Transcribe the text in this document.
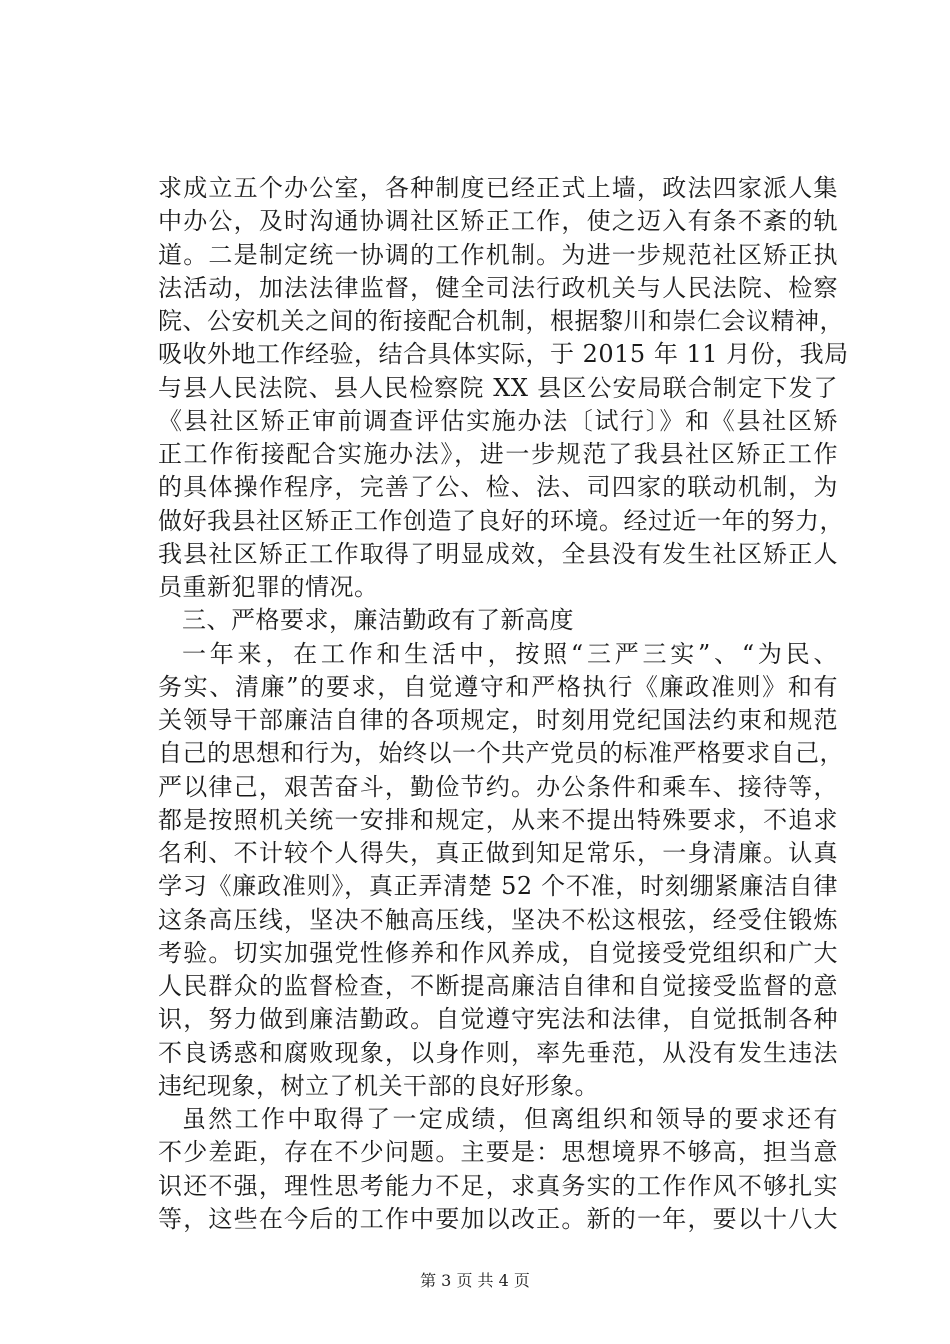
求成立五个办公室，各种制度已经正式上墙，政法四家派人集
中办公，及时沟通协调社区矫正工作，使之迈入有条不紊的轨
道。二是制定统一协调的工作机制。为进一步规范社区矫正执
法活动，加法法律监督，健全司法行政机关与人民法院、检察
院、公安机关之间的衔接配合机制，根据黎川和崇仁会议精神，
吸收外地工作经验，结合具体实际，于 2015 年 11 月份，我局
与县人民法院、县人民检察院 XX 县区公安局联合制定下发了
《县社区矫正审前调查评估实施办法〔试行〕》和《县社区矫
正工作衔接配合实施办法》，进一步规范了我县社区矫正工作
的具体操作程序，完善了公、检、法、司四家的联动机制，为
做好我县社区矫正工作创造了良好的环境。经过近一年的努力，
我县社区矫正工作取得了明显成效，全县没有发生社区矫正人
员重新犯罪的情况。
三、严格要求，廉洁勤政有了新高度
一年来，在工作和生活中，按照“三严三实”、“为民、
务实、清廉”的要求，自觉遵守和严格执行《廉政准则》和有
关领导干部廉洁自律的各项规定，时刻用党纪国法约束和规范
自己的思想和行为，始终以一个共产党员的标准严格要求自己，
严以律己，艰苦奋斗，勤俭节约。办公条件和乘车、接待等，
都是按照机关统一安排和规定，从来不提出特殊要求，不追求
名利、不计较个人得失，真正做到知足常乐，一身清廉。认真
学习《廉政准则》，真正弄清楚 52 个不准，时刻绷紧廉洁自律
这条高压线，坚决不触高压线，坚决不松这根弦，经受住锻炼
考验。切实加强党性修养和作风养成，自觉接受党组织和广大
人民群众的监督检查，不断提高廉洁自律和自觉接受监督的意
识，努力做到廉洁勤政。自觉遵守宪法和法律，自觉抵制各种
不良诱惑和腐败现象，以身作则，率先垂范，从没有发生违法
违纪现象，树立了机关干部的良好形象。
虽然工作中取得了一定成绩，但离组织和领导的要求还有
不少差距，存在不少问题。主要是：思想境界不够高，担当意
识还不强，理性思考能力不足，求真务实的工作作风不够扎实
等，这些在今后的工作中要加以改正。新的一年，要以十八大
第 3 页 共 4 页
